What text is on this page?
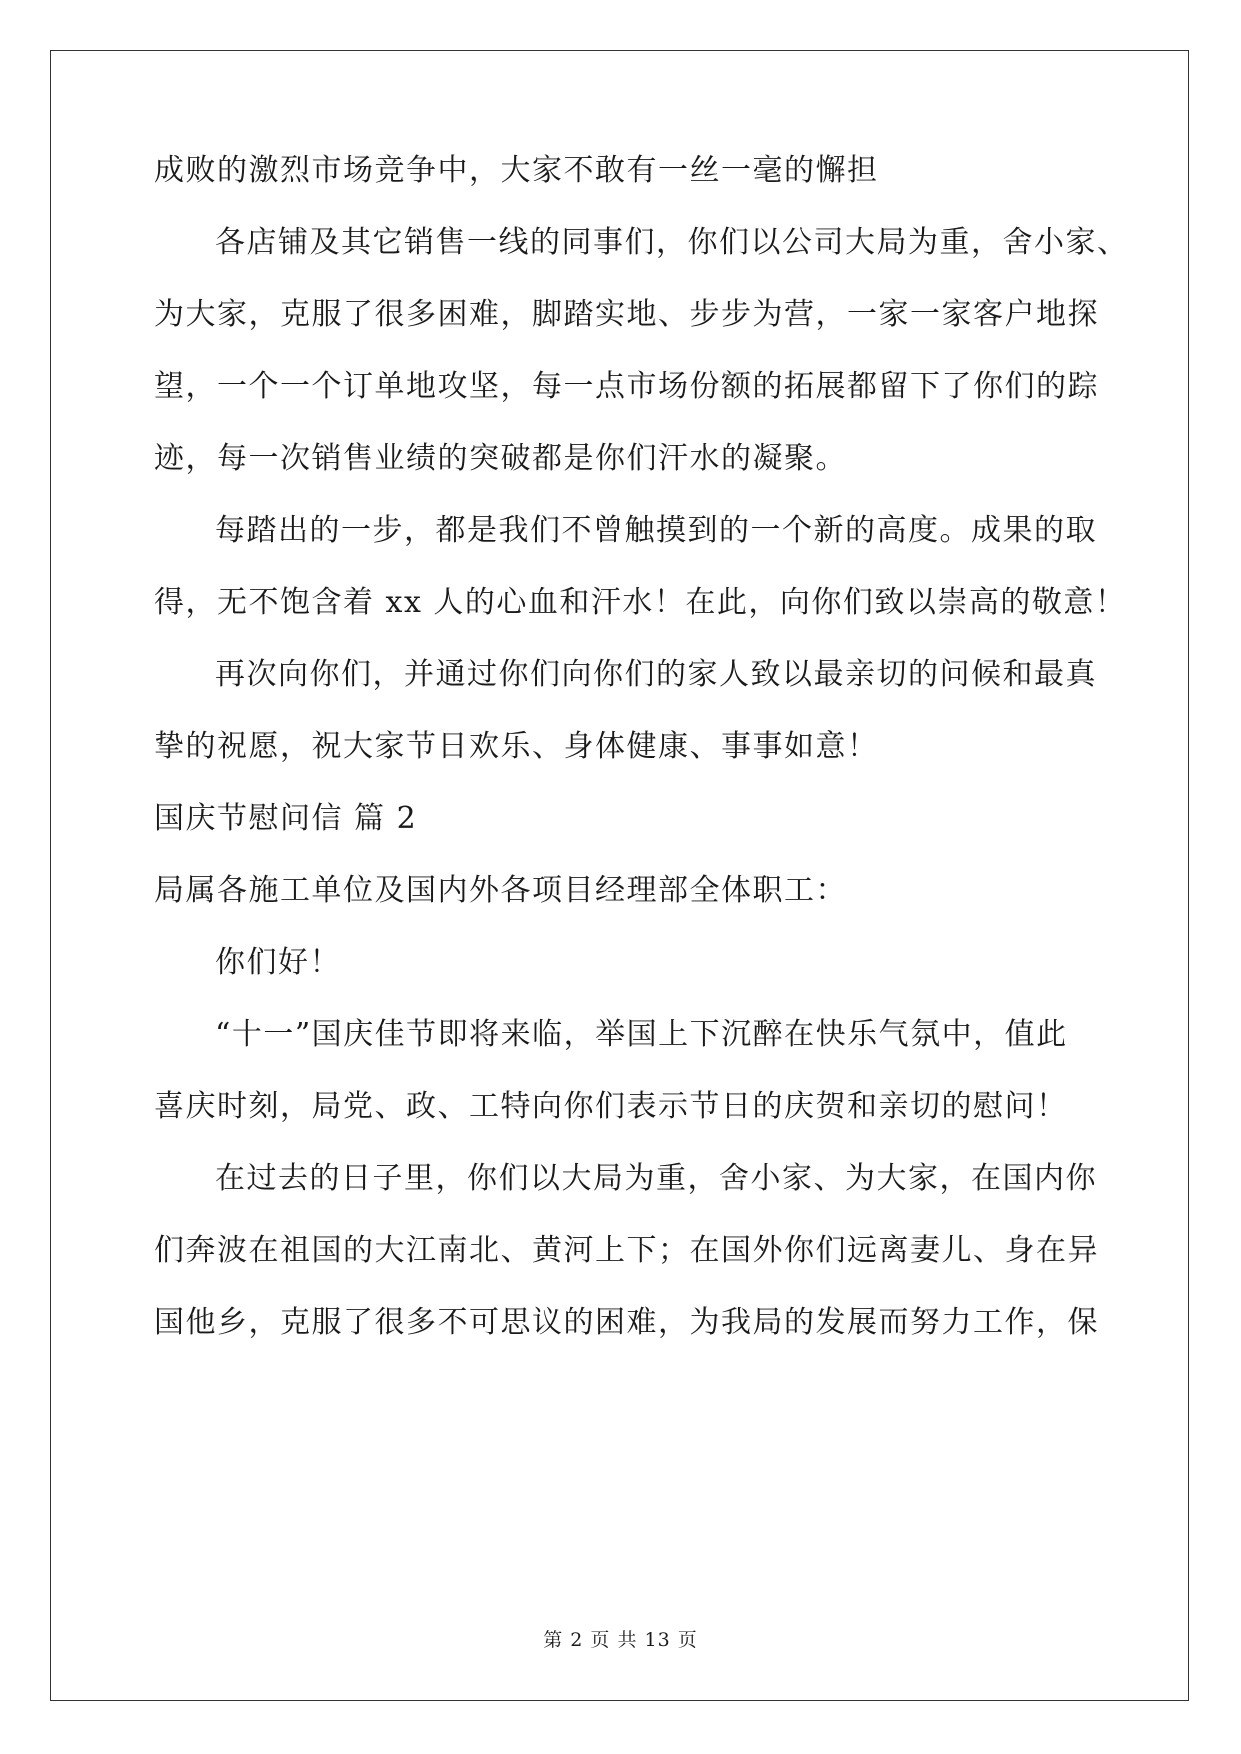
成败的激烈市场竞争中，大家不敢有一丝一毫的懈担
各店铺及其它销售一线的同事们，你们以公司大局为重，舍小家、
为大家，克服了很多困难，脚踏实地、步步为营，一家一家客户地探
望，一个一个订单地攻坚，每一点市场份额的拓展都留下了你们的踪
迹，每一次销售业绩的突破都是你们汗水的凝聚。
每踏出的一步，都是我们不曾触摸到的一个新的高度。成果的取
得，无不饱含着 xx 人的心血和汗水！在此，向你们致以崇高的敬意！
再次向你们，并通过你们向你们的家人致以最亲切的问候和最真
挚的祝愿，祝大家节日欢乐、身体健康、事事如意！
国庆节慰问信 篇 2
局属各施工单位及国内外各项目经理部全体职工：
你们好！
“十一”国庆佳节即将来临，举国上下沉醉在快乐气氛中，值此
喜庆时刻，局党、政、工特向你们表示节日的庆贺和亲切的慰问！
在过去的日子里，你们以大局为重，舍小家、为大家，在国内你
们奔波在祖国的大江南北、黄河上下；在国外你们远离妻儿、身在异
国他乡，克服了很多不可思议的困难，为我局的发展而努力工作，保
第 2 页 共 13 页
